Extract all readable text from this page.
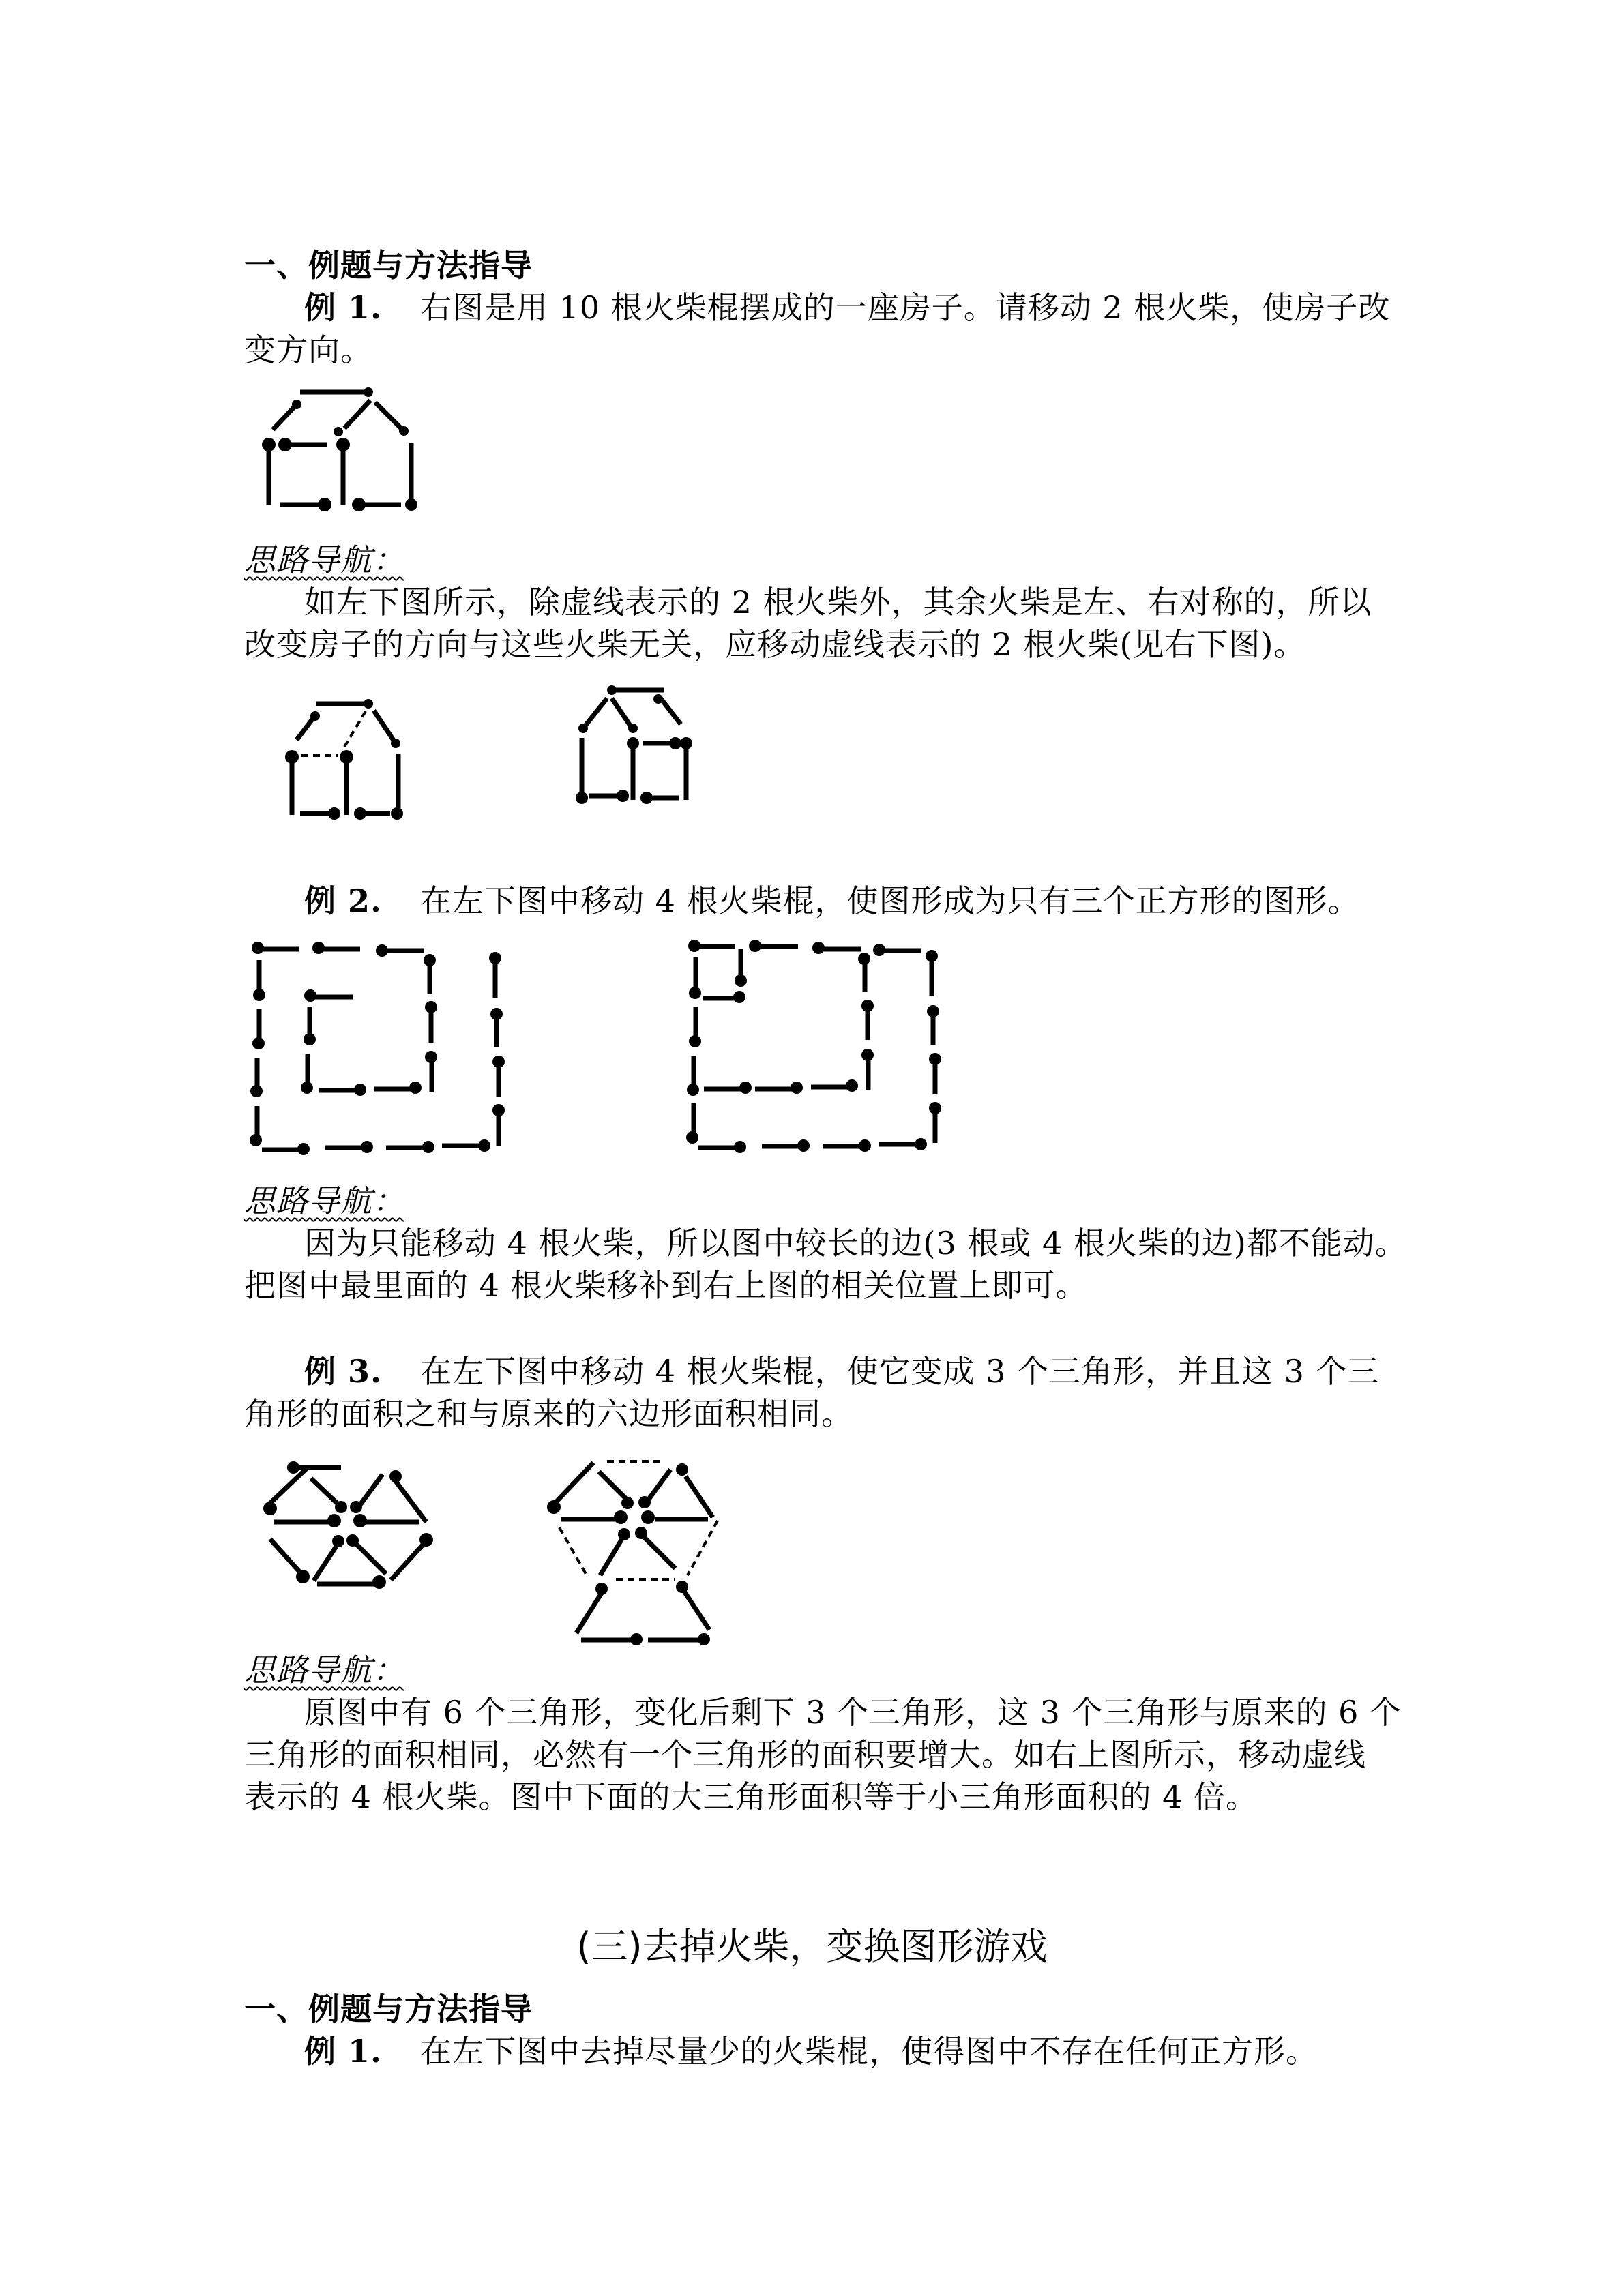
一、例题与方法指导
例 1. 右图是用 10 根火柴棍摆成的一座房子。请移动 2 根火柴，使房子改
变方向。
思路导航：
如左下图所示，除虚线表示的 2 根火柴外，其余火柴是左、右对称的，所以
改变房子的方向与这些火柴无关，应移动虚线表示的 2 根火柴(见右下图)。
例 2. 在左下图中移动 4 根火柴棍，使图形成为只有三个正方形的图形。
思路导航：
因为只能移动 4 根火柴，所以图中较长的边(3 根或 4 根火柴的边)都不能动。
把图中最里面的 4 根火柴移补到右上图的相关位置上即可。
例 3. 在左下图中移动 4 根火柴棍，使它变成 3 个三角形，并且这 3 个三
角形的面积之和与原来的六边形面积相同。
思路导航：
原图中有 6 个三角形，变化后剩下 3 个三角形，这 3 个三角形与原来的 6 个
三角形的面积相同，必然有一个三角形的面积要增大。如右上图所示，移动虚线
表示的 4 根火柴。图中下面的大三角形面积等于小三角形面积的 4 倍。
(三)去掉火柴，变换图形游戏
一、例题与方法指导
例 1. 在左下图中去掉尽量少的火柴棍，使得图中不存在任何正方形。
